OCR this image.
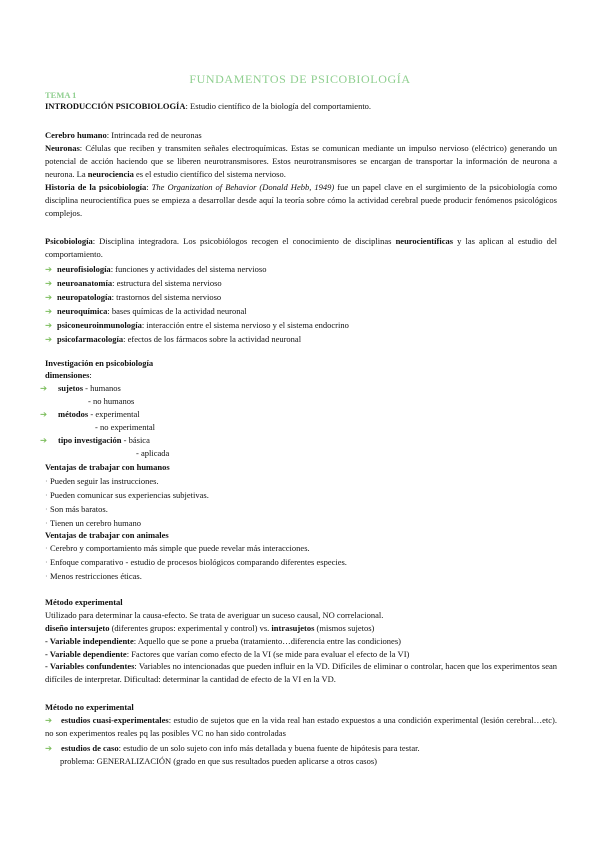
FUNDAMENTOS DE PSICOBIOLOGÍA
TEMA 1
INTRODUCCIÓN PSICOBIOLOGÍA: Estudio científico de la biología del comportamiento.
Cerebro humano: Intrincada red de neuronas
Neuronas: Células que reciben y transmiten señales electroquímicas. Estas se comunican mediante un impulso nervioso (eléctrico) generando un potencial de acción haciendo que se liberen neurotransmisores. Estos neurotransmisores se encargan de transportar la información de neurona a neurona. La neurociencia es el estudio científico del sistema nervioso.
Historia de la psicobiología: The Organization of Behavior (Donald Hebb, 1949) fue un papel clave en el surgimiento de la psicobiología como disciplina neurocientífica pues se empieza a desarrollar desde aquí la teoría sobre cómo la actividad cerebral puede producir fenómenos psicológicos complejos.
Psicobiología: Disciplina integradora. Los psicobiólogos recogen el conocimiento de disciplinas neurocientíficas y las aplican al estudio del comportamiento.
➔ neurofisiología: funciones y actividades del sistema nervioso
➔ neuroanatomía: estructura del sistema nervioso
➔ neuropatología: trastornos del sistema nervioso
➔ neuroquímica: bases químicas de la actividad neuronal
➔ psiconeuroinmunología: interacción entre el sistema nervioso y el sistema endocrino
➔ psicofarmacología: efectos de los fármacos sobre la actividad neuronal
Investigación en psicobiología
dimensiones:
➔ sujetos - humanos
- no humanos
➔ métodos - experimental
- no experimental
➔ tipo investigación - básica
- aplicada
Ventajas de trabajar con humanos
· Pueden seguir las instrucciones.
· Pueden comunicar sus experiencias subjetivas.
· Son más baratos.
· Tienen un cerebro humano
Ventajas de trabajar con animales
· Cerebro y comportamiento más simple que puede revelar más interacciones.
· Enfoque comparativo - estudio de procesos biológicos comparando diferentes especies.
· Menos restricciones éticas.
Método experimental
Utilizado para determinar la causa-efecto. Se trata de averiguar un suceso causal, NO correlacional.
diseño intersujeto (diferentes grupos: experimental y control) vs. intrasujetos (mismos sujetos)
- Variable independiente: Aquello que se pone a prueba (tratamiento…diferencia entre las condiciones)
- Variable dependiente: Factores que varían como efecto de la VI (se mide para evaluar el efecto de la VI)
- Variables confundentes: Variables no intencionadas que pueden influir en la VD. Difíciles de eliminar o controlar, hacen que los experimentos sean difíciles de interpretar. Dificultad: determinar la cantidad de efecto de la VI en la VD.
Método no experimental
➔ estudios cuasi-experimentales: estudio de sujetos que en la vida real han estado expuestos a una condición experimental (lesión cerebral…etc). no son experimentos reales pq las posibles VC no han sido controladas
➔ estudios de caso: estudio de un solo sujeto con info más detallada y buena fuente de hipótesis para testar.
problema: GENERALIZACIÓN (grado en que sus resultados pueden aplicarse a otros casos)
